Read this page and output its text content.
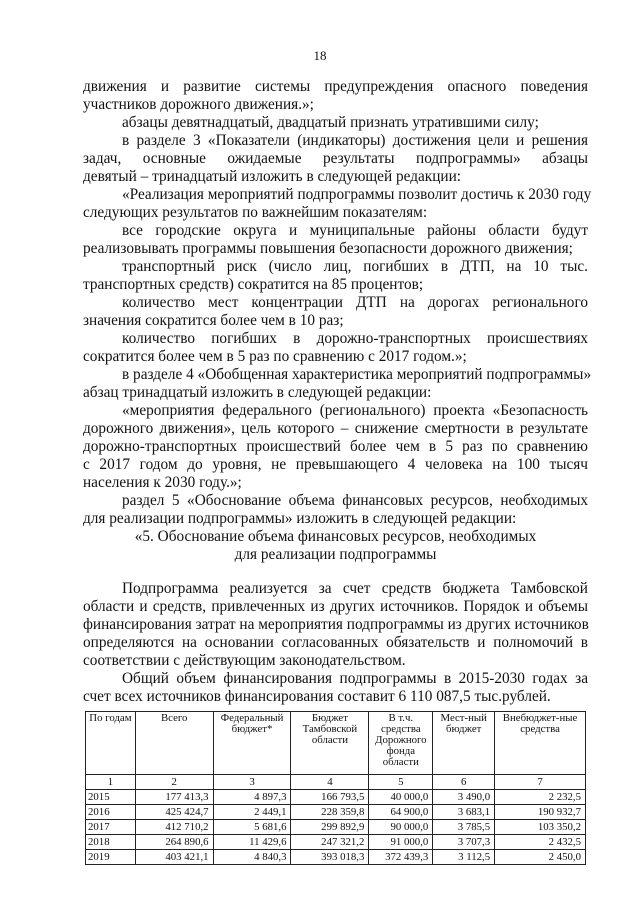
18
движения и развитие системы предупреждения опасного поведения
участников дорожного движения.»;
абзацы девятнадцатый, двадцатый признать утратившими силу;
в разделе 3 «Показатели (индикаторы) достижения цели и решения
задач, основные ожидаемые результаты подпрограммы» абзацы
девятый – тринадцатый изложить в следующей редакции:
«Реализация мероприятий подпрограммы позволит достичь к 2030 году
следующих результатов по важнейшим показателям:
все городские округа и муниципальные районы области будут
реализовывать программы повышения безопасности дорожного движения;
транспортный риск (число лиц, погибших в ДТП, на 10 тыс.
транспортных средств) сократится на 85 процентов;
количество мест концентрации ДТП на дорогах регионального
значения сократится более чем в 10 раз;
количество погибших в дорожно-транспортных происшествиях
сократится более чем в 5 раз по сравнению с 2017 годом.»;
в разделе 4 «Обобщенная характеристика мероприятий подпрограммы»
абзац тринадцатый изложить в следующей редакции:
«мероприятия федерального (регионального) проекта «Безопасность
дорожного движения», цель которого – снижение смертности в результате
дорожно-транспортных происшествий более чем в 5 раз по сравнению
с 2017 годом до уровня, не превышающего 4 человека на 100 тысяч
населения к 2030 году.»;
раздел 5 «Обоснование объема финансовых ресурсов, необходимых
для реализации подпрограммы» изложить в следующей редакции:
«5. Обоснование объема финансовых ресурсов, необходимых
для реализации подпрограммы
Подпрограмма реализуется за счет средств бюджета Тамбовской
области и средств, привлеченных из других источников. Порядок и объемы
финансирования затрат на мероприятия подпрограммы из других источников
определяются на основании согласованных обязательств и полномочий в
соответствии с действующим законодательством.
Общий объем финансирования подпрограммы в 2015-2030 годах за
счет всех источников финансирования составит 6 110 087,5 тыс.рублей.
По годам	Всего	Федеральный бюджет*	Бюджет Тамбовской области	В т.ч. средства Дорожного фонда области	Мест-ный бюджет	Внебюджет-ные средства
1	2	3	4	5	6	7
2015	177 413,3	4 897,3	166 793,5	40 000,0	3 490,0	2 232,5
2016	425 424,7	2 449,1	228 359,8	64 900,0	3 683,1	190 932,7
2017	412 710,2	5 681,6	299 892,9	90 000,0	3 785,5	103 350,2
2018	264 890,6	11 429,6	247 321,2	91 000,0	3 707,3	2 432,5
2019	403 421,1	4 840,3	393 018,3	372 439,3	3 112,5	2 450,0
